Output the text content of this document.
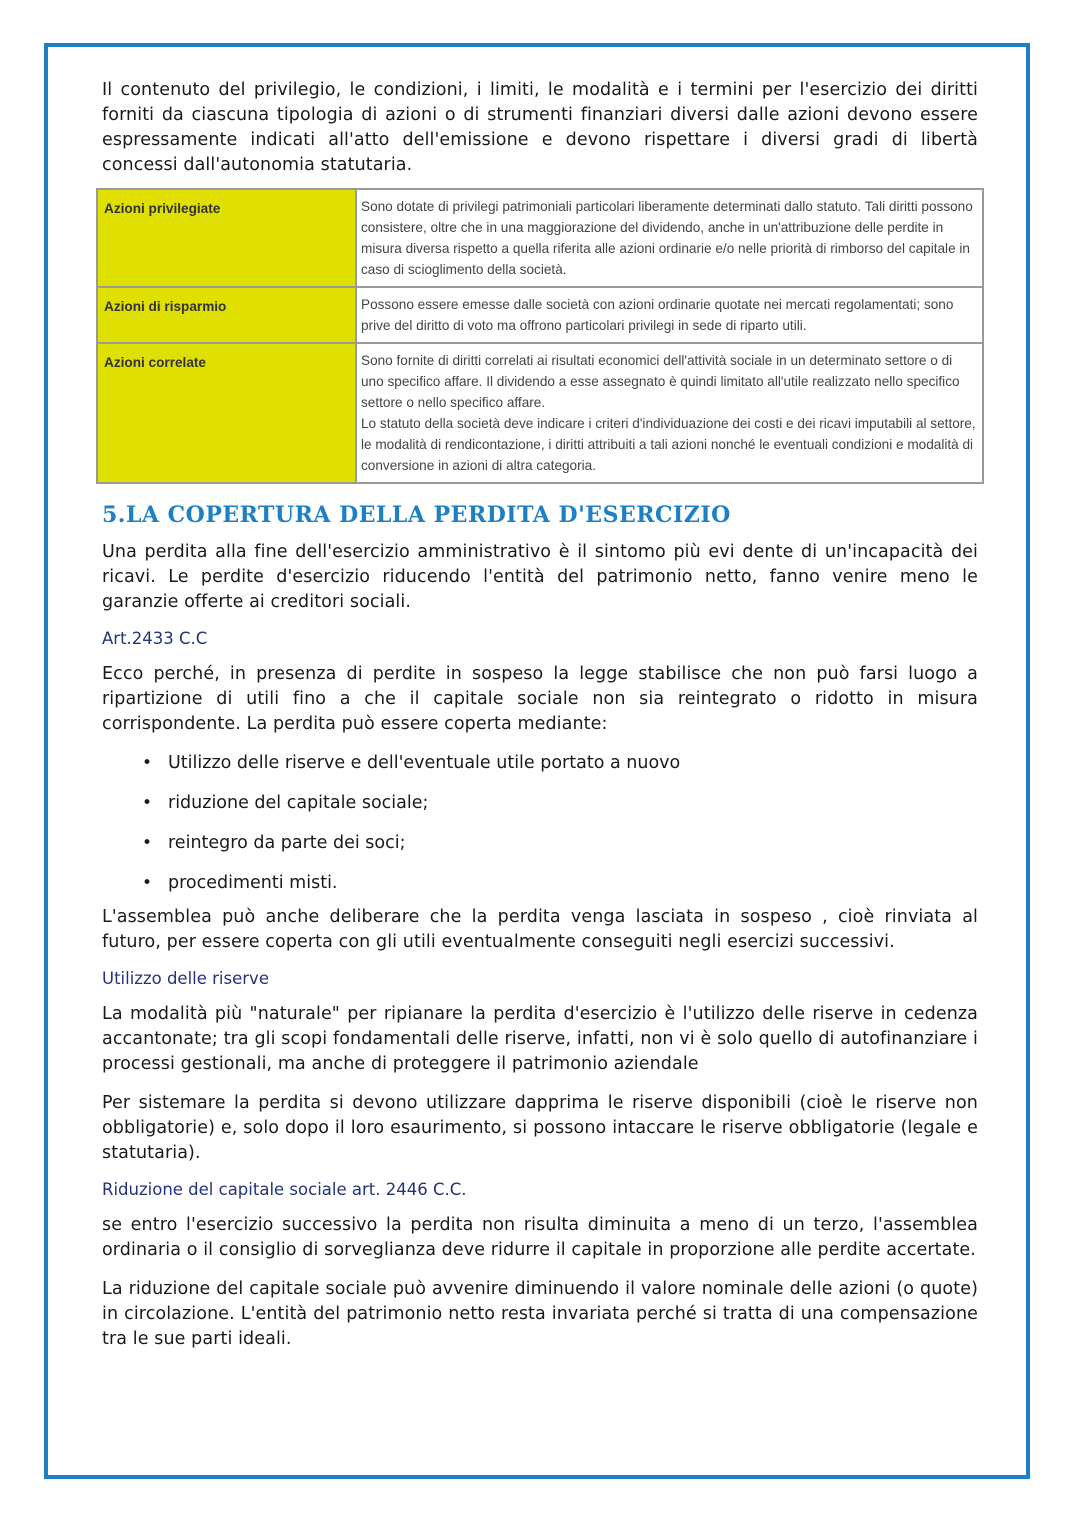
Il contenuto del privilegio, le condizioni, i limiti, le modalità e i termini per l'esercizio dei diritti forniti da ciascuna tipologia di azioni o di strumenti finanziari diversi dalle azioni devono essere espressamente indicati all'atto dell'emissione e devono rispettare i diversi gradi di libertà concessi dall'autonomia statutaria.

Azioni privilegiate	Sono dotate di privilegi patrimoniali particolari liberamente determinati dallo statuto. Tali diritti possono consistere, oltre che in una maggiorazione del dividendo, anche in un'attribuzione delle perdite in misura diversa rispetto a quella riferita alle azioni ordinarie e/o nelle priorità di rimborso del capitale in caso di scioglimento della società.
Azioni di risparmio	Possono essere emesse dalle società con azioni ordinarie quotate nei mercati regolamentati; sono prive del diritto di voto ma offrono particolari privilegi in sede di riparto utili.
Azioni correlate	Sono fornite di diritti correlati ai risultati economici dell'attività sociale in un determinato settore o di uno specifico affare. Il dividendo a esse assegnato è quindi limitato all'utile realizzato nello specifico settore o nello specifico affare.
Lo statuto della società deve indicare i criteri d'individuazione dei costi e dei ricavi imputabili al settore, le modalità di rendicontazione, i diritti attribuiti a tali azioni nonché le eventuali condizioni e modalità di conversione in azioni di altra categoria.
5.LA COPERTURA DELLA PERDITA D'ESERCIZIO

Una perdita alla fine dell'esercizio amministrativo è il sintomo più evi dente di un'incapacità dei ricavi. Le perdite d'esercizio riducendo l'entità del patrimonio netto, fanno venire meno le garanzie offerte ai creditori sociali.

Art.2433 C.C

Ecco perché, in presenza di perdite in sospeso la legge stabilisce che non può farsi luogo a ripartizione di utili fino a che il capitale sociale non sia reintegrato o ridotto in misura corrispondente. La perdita può essere coperta mediante:

• Utilizzo delle riserve e dell'eventuale utile portato a nuovo
• riduzione del capitale sociale;
• reintegro da parte dei soci;
• procedimenti misti.

L'assemblea può anche deliberare che la perdita venga lasciata in sospeso , cioè rinviata al futuro, per essere coperta con gli utili eventualmente conseguiti negli esercizi successivi.

Utilizzo delle riserve

La modalità più "naturale" per ripianare la perdita d'esercizio è l'utilizzo delle riserve in cedenza accantonate; tra gli scopi fondamentali delle riserve, infatti, non vi è solo quello di autofinanziare i processi gestionali, ma anche di proteggere il patrimonio aziendale

Per sistemare la perdita si devono utilizzare dapprima le riserve disponibili (cioè le riserve non obbligatorie) e, solo dopo il loro esaurimento, si possono intaccare le riserve obbligatorie (legale e statutaria).

Riduzione del capitale sociale art. 2446 C.C.

se entro l'esercizio successivo la perdita non risulta diminuita a meno di un terzo, l'assemblea ordinaria o il consiglio di sorveglianza deve ridurre il capitale in proporzione alle perdite accertate.

La riduzione del capitale sociale può avvenire diminuendo il valore nominale delle azioni (o quote) in circolazione. L'entità del patrimonio netto resta invariata perché si tratta di una compensazione tra le sue parti ideali.
